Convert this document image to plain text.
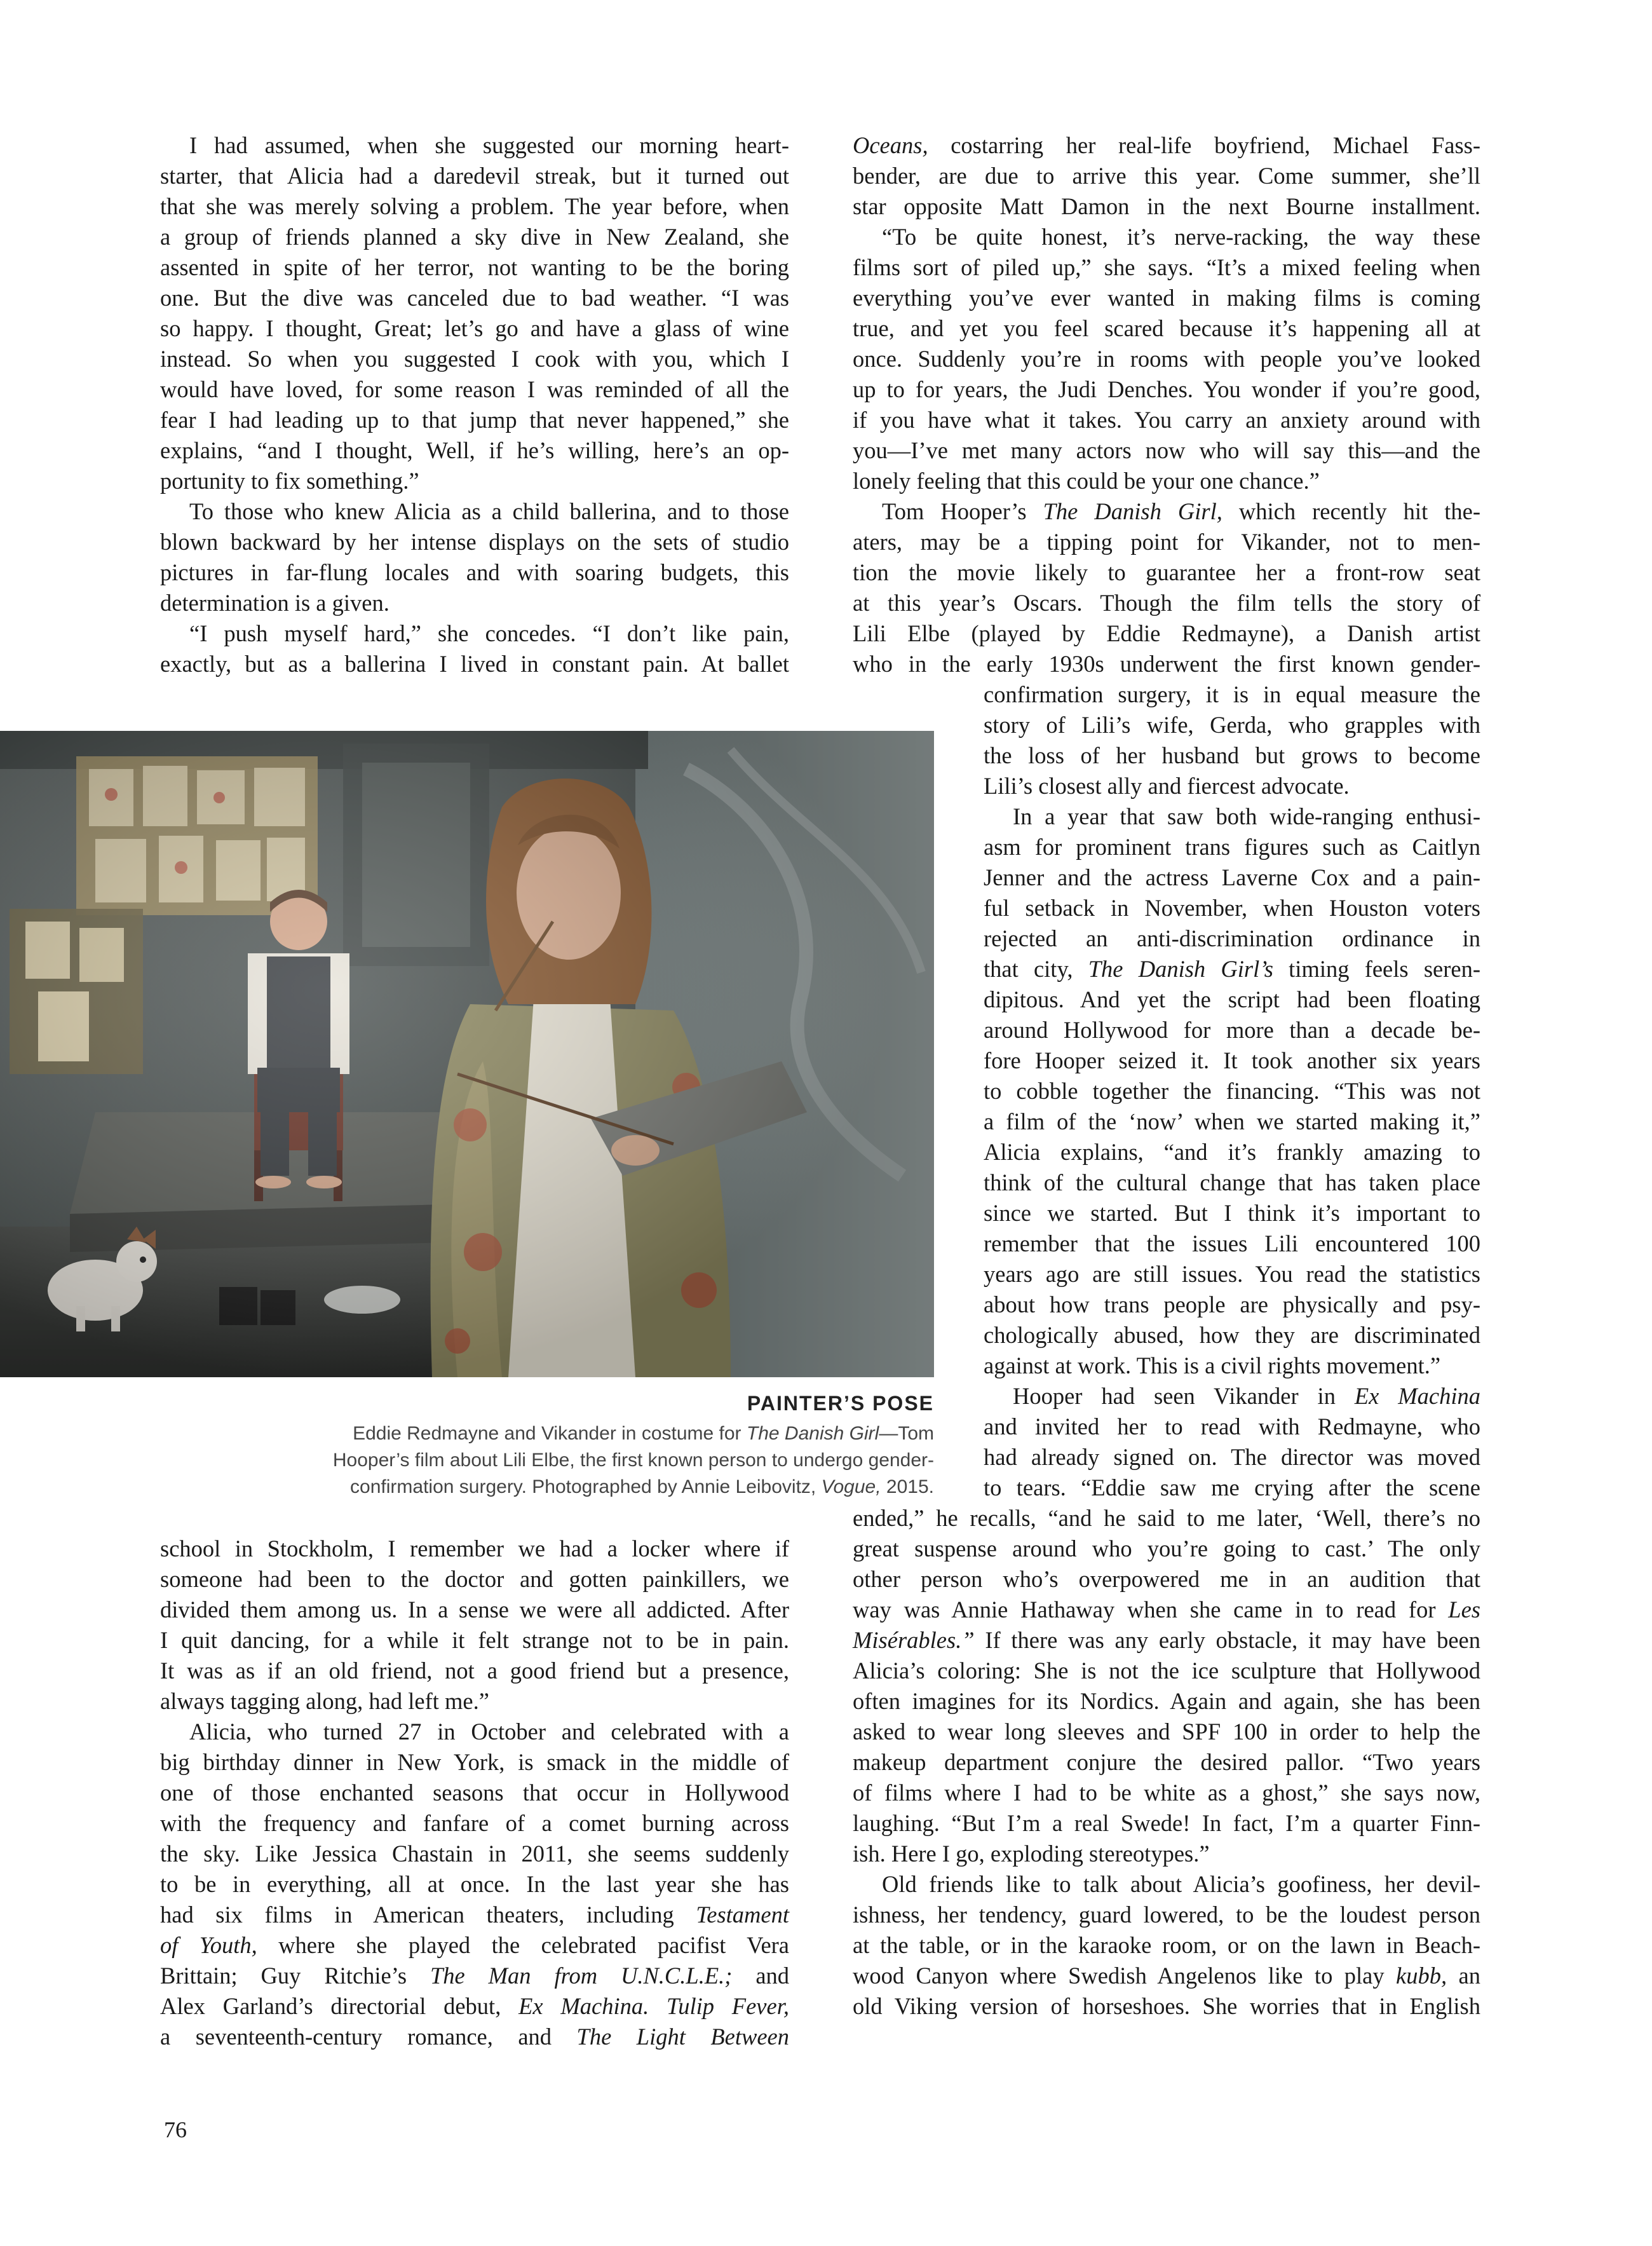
I had assumed, when she suggested our morning heart-
starter, that Alicia had a daredevil streak, but it turned out
that she was merely solving a problem. The year before, when
a group of friends planned a sky dive in New Zealand, she
assented in spite of her terror, not wanting to be the boring
one. But the dive was canceled due to bad weather. “I was
so happy. I thought, Great; let’s go and have a glass of wine
instead. So when you suggested I cook with you, which I
would have loved, for some reason I was reminded of all the
fear I had leading up to that jump that never happened,” she
explains, “and I thought, Well, if he’s willing, here’s an op-
portunity to fix something.”
To those who knew Alicia as a child ballerina, and to those
blown backward by her intense displays on the sets of studio
pictures in far-flung locales and with soaring budgets, this
determination is a given.
“I push myself hard,” she concedes. “I don’t like pain,
exactly, but as a ballerina I lived in constant pain. At ballet
Oceans, costarring her real-life boyfriend, Michael Fass-
bender, are due to arrive this year. Come summer, she’ll
star opposite Matt Damon in the next Bourne installment.
“To be quite honest, it’s nerve-racking, the way these
films sort of piled up,” she says. “It’s a mixed feeling when
everything you’ve ever wanted in making films is coming
true, and yet you feel scared because it’s happening all at
once. Suddenly you’re in rooms with people you’ve looked
up to for years, the Judi Denches. You wonder if you’re good,
if you have what it takes. You carry an anxiety around with
you—I’ve met many actors now who will say this—and the
lonely feeling that this could be your one chance.”
Tom Hooper’s The Danish Girl, which recently hit the-
aters, may be a tipping point for Vikander, not to men-
tion the movie likely to guarantee her a front-row seat
at this year’s Oscars. Though the film tells the story of
Lili Elbe (played by Eddie Redmayne), a Danish artist
who in the early 1930s underwent the first known gender-
confirmation surgery, it is in equal measure the
story of Lili’s wife, Gerda, who grapples with
the loss of her husband but grows to become
Lili’s closest ally and fiercest advocate.
In a year that saw both wide-ranging enthusi-
asm for prominent trans figures such as Caitlyn
Jenner and the actress Laverne Cox and a pain-
ful setback in November, when Houston voters
rejected an anti-discrimination ordinance in
that city, The Danish Girl’s timing feels seren-
dipitous. And yet the script had been floating
around Hollywood for more than a decade be-
fore Hooper seized it. It took another six years
to cobble together the financing. “This was not
a film of the ‘now’ when we started making it,”
Alicia explains, “and it’s frankly amazing to
think of the cultural change that has taken place
since we started. But I think it’s important to
remember that the issues Lili encountered 100
years ago are still issues. You read the statistics
about how trans people are physically and psy-
chologically abused, how they are discriminated
against at work. This is a civil rights movement.”
Hooper had seen Vikander in Ex Machina
and invited her to read with Redmayne, who
had already signed on. The director was moved
to tears. “Eddie saw me crying after the scene
ended,” he recalls, “and he said to me later, ‘Well, there’s no
great suspense around who you’re going to cast.’ The only
other person who’s overpowered me in an audition that
way was Annie Hathaway when she came in to read for Les
Misérables.” If there was any early obstacle, it may have been
Alicia’s coloring: She is not the ice sculpture that Hollywood
often imagines for its Nordics. Again and again, she has been
asked to wear long sleeves and SPF 100 in order to help the
makeup department conjure the desired pallor. “Two years
of films where I had to be white as a ghost,” she says now,
laughing. “But I’m a real Swede! In fact, I’m a quarter Finn-
ish. Here I go, exploding stereotypes.”
Old friends like to talk about Alicia’s goofiness, her devil-
ishness, her tendency, guard lowered, to be the loudest person
at the table, or in the karaoke room, or on the lawn in Beach-
wood Canyon where Swedish Angelenos like to play kubb, an
old Viking version of horseshoes. She worries that in English
PAINTER’S POSE
Eddie Redmayne and Vikander in costume for The Danish Girl—Tom
Hooper’s film about Lili Elbe, the first known person to undergo gender-
confirmation surgery. Photographed by Annie Leibovitz, Vogue, 2015.
school in Stockholm, I remember we had a locker where if
someone had been to the doctor and gotten painkillers, we
divided them among us. In a sense we were all addicted. After
I quit dancing, for a while it felt strange not to be in pain.
It was as if an old friend, not a good friend but a presence,
always tagging along, had left me.”
Alicia, who turned 27 in October and celebrated with a
big birthday dinner in New York, is smack in the middle of
one of those enchanted seasons that occur in Hollywood
with the frequency and fanfare of a comet burning across
the sky. Like Jessica Chastain in 2011, she seems suddenly
to be in everything, all at once. In the last year she has
had six films in American theaters, including Testament
of Youth, where she played the celebrated pacifist Vera
Brittain; Guy Ritchie’s The Man from U.N.C.L.E.; and
Alex Garland’s directorial debut, Ex Machina. Tulip Fever,
a seventeenth-century romance, and The Light Between
76
